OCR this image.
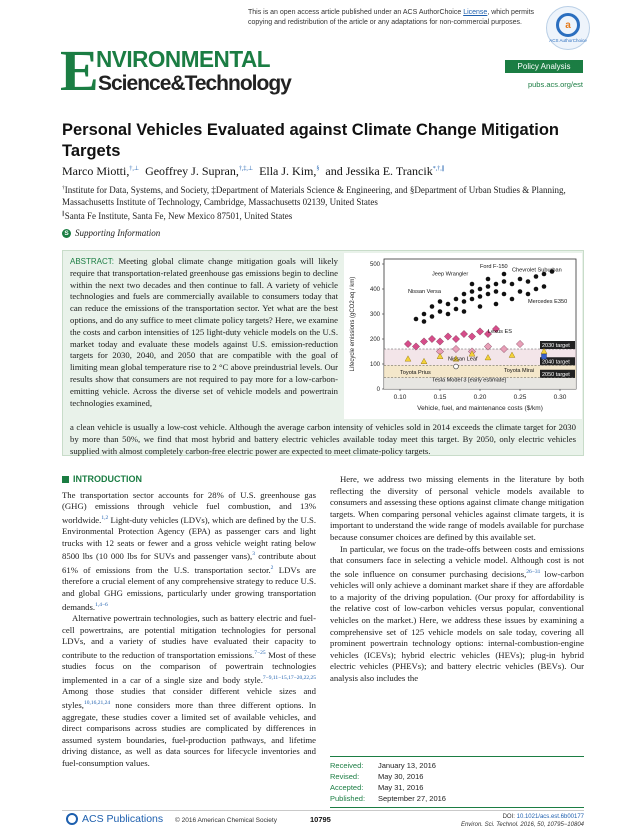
This is an open access article published under an ACS AuthorChoice License, which permits copying and redistribution of the article or any adaptations for non-commercial purposes.	a
ACS AuthorChoice
E
NVIRONMENTAL
Science&Technology
Policy Analysis
pubs.acs.org/est
Personal Vehicles Evaluated against Climate Change Mitigation Targets
Marco Miotti,†,⊥ Geoffrey J. Supran,†,‡,⊥ Ella J. Kim,§ and Jessika E. Trancik*,†,∥
†Institute for Data, Systems, and Society, ‡Department of Materials Science & Engineering, and §Department of Urban Studies & Planning, Massachusetts Institute of Technology, Cambridge, Massachusetts 02139, United States
∥Santa Fe Institute, Santa Fe, New Mexico 87501, United States
S Supporting Information
ABSTRACT: Meeting global climate change mitigation goals will likely require that transportation-related greenhouse gas emissions begin to decline within the next two decades and then continue to fall. A variety of vehicle technologies and fuels are commercially available to consumers today that can reduce the emissions of the transportation sector. Yet what are the best options, and do any suffice to meet climate policy targets? Here, we examine the costs and carbon intensities of 125 light-duty vehicle models on the U.S. market today and evaluate these models against U.S. emission-reduction targets for 2030, 2040, and 2050 that are compatible with the goal of limiting mean global temperature rise to 2 °C above preindustrial levels. Our results show that consumers are not required to pay more for a low-carbon-emitting vehicle. Across the diverse set of vehicle models and powertrain technologies examined,
a clean vehicle is usually a low-cost vehicle. Although the average carbon intensity of vehicles sold in 2014 exceeds the climate target for 2030 by more than 50%, we find that most hybrid and battery electric vehicles available today meet this target. By 2050, only electric vehicles supplied with almost completely carbon-free electric power are expected to meet climate-policy targets.
2030 target
2040 target
2050 target
0
100
200
300
400
500
0.10	0.15	0.20	0.25	0.30
Vehicle, fuel, and maintenance costs ($/km)
Lifecycle emissions (gCO2-eq / km)
Ford F-150
Chevrolet Suburban
Jeep Wrangler
Nissan Versa
Mercedes E350
Lexus ES
Nissan Leaf
Toyota Prius	Toyota Mirai
Tesla Model 3 [early estimate]
INTRODUCTION

The transportation sector accounts for 28% of U.S. greenhouse gas (GHG) emissions through vehicle fuel combustion, and 13% worldwide.$^{1,2}$ Light-duty vehicles (LDVs), which are defined by the U.S. Environmental Protection Agency (EPA) as passenger cars and light trucks with 12 seats or fewer and a gross vehicle weight rating below 8500 lbs (10 000 lbs for SUVs and passenger vans),$^3$ contribute about 61% of emissions from the U.S. transportation sector.$^2$ LDVs are therefore a crucial element of any comprehensive strategy to reduce U.S. and global GHG emissions, particularly under growing transportation demands.$^{1,4-6}$

Alternative powertrain technologies, such as battery electric and fuel-cell powertrains, are potential mitigation technologies for personal LDVs, and a variety of studies have evaluated their capacity to contribute to the reduction of transportation emissions.$^{7-25}$ Most of these studies focus on the comparison of powertrain technologies implemented in a car of a single size and body style.$^{7-9,11-15,17-20,22,25}$ Among those studies that consider different vehicle sizes and styles,$^{10,16,21,24}$ none considers more than three different options. In aggregate, these studies cover a limited set of available vehicles, and direct comparisons across studies are complicated by differences in assumed system boundaries, fuel-production pathways, and lifetime driving distance, as well as data sources for lifecycle inventories and fuel-consumption values.

Here, we address two missing elements in the literature by both reflecting the diversity of personal vehicle models available to consumers and assessing these options against climate change mitigation targets. When comparing personal vehicles against climate targets, it is important to understand the wide range of models available for purchase because consumer choices are defined by this available set.

In particular, we focus on the trade-offs between costs and emissions that consumers face in selecting a vehicle model. Although cost is not the sole influence on consumer purchasing decisions,$^{26-31}$ low-carbon vehicles will only achieve a dominant market share if they are affordable to a majority of the driving population. (Our proxy for affordability is the relative cost of low-carbon vehicles versus popular, conventional vehicles on the market.) Here, we address these issues by examining a comprehensive set of 125 vehicle models on sale today, covering all prominent powertrain technology options: internal-combustion-engine vehicles (ICEVs); hybrid electric vehicles (HEVs); plug-in hybrid electric vehicles (PHEVs); and battery electric vehicles (BEVs). Our analysis also includes the

Received:	January 13, 2016
Revised:	May 30, 2016
Accepted:	May 31, 2016
Published:	September 27, 2016
ACS Publications © 2016 American Chemical Society	10795	DOI: 10.1021/acs.est.6b00177
Environ. Sci. Technol. 2016, 50, 10795−10804
